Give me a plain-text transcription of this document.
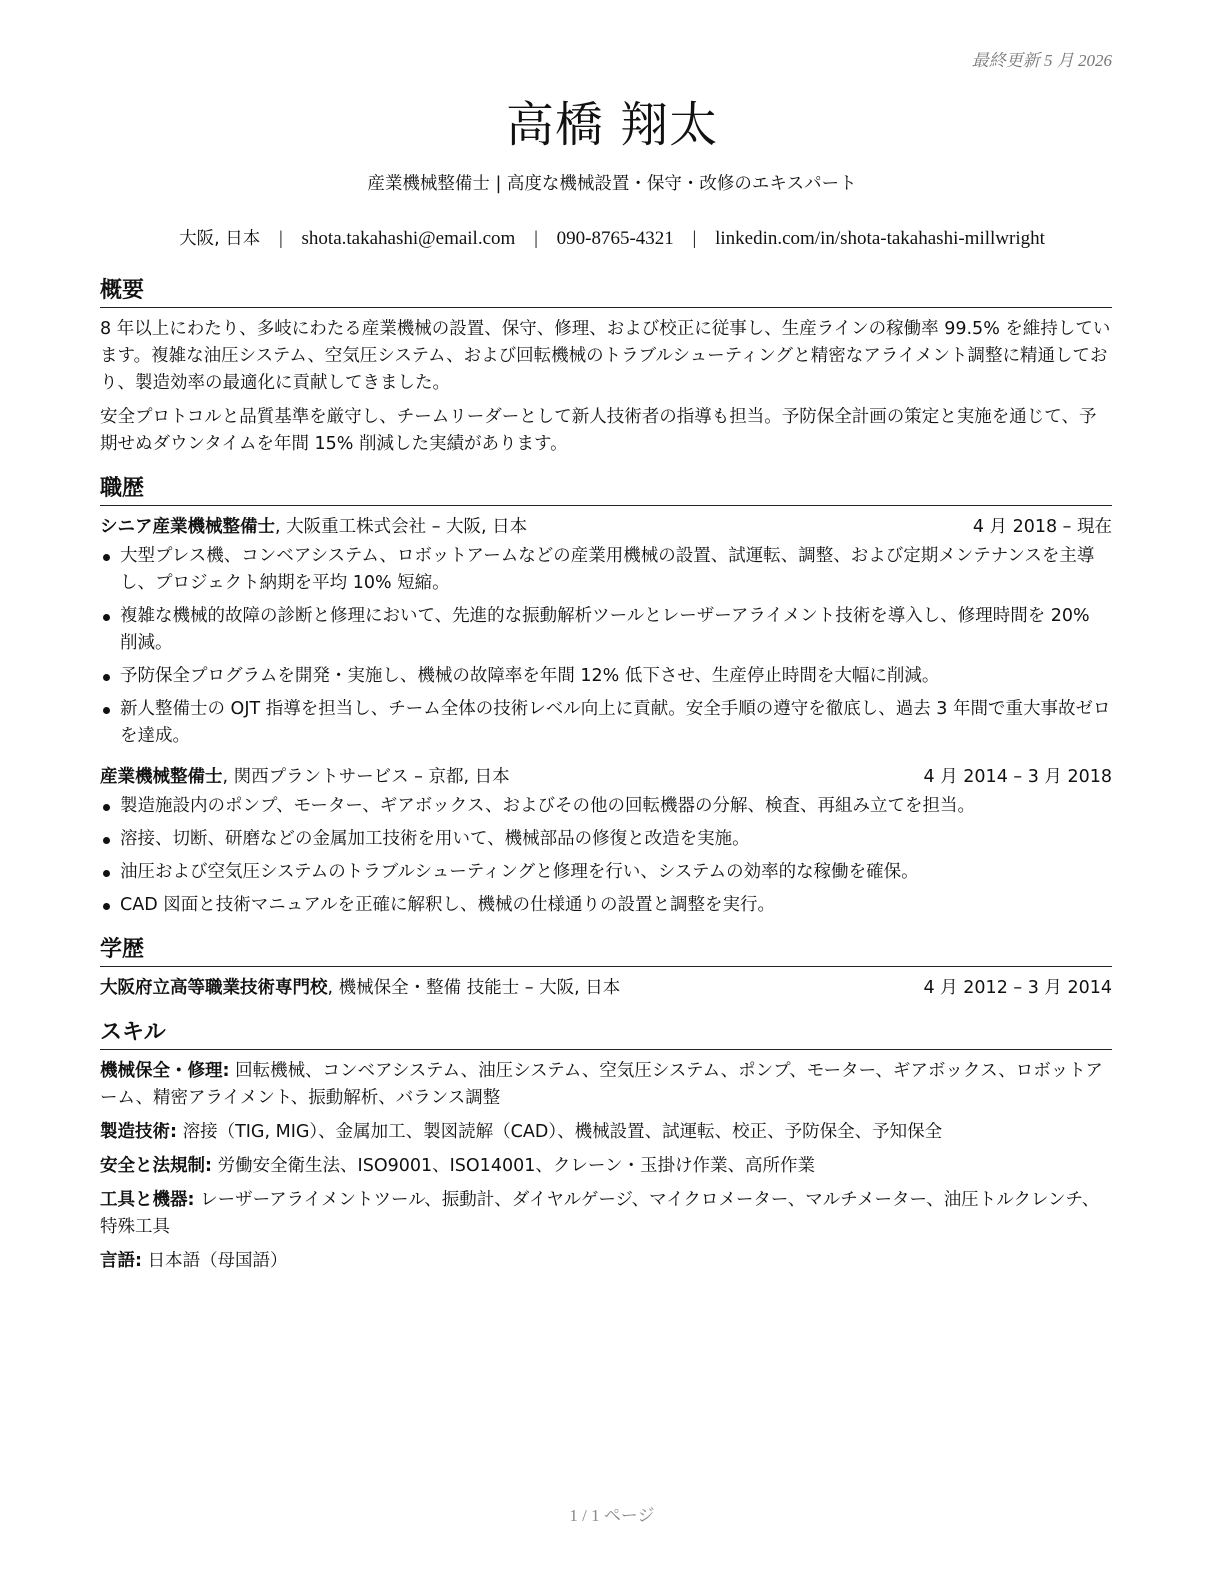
最終更新 5 月 2026
高橋 翔太
産業機械整備士 | 高度な機械設置・保守・改修のエキスパート
大阪, 日本 | shota.takahashi@email.com | 090-8765-4321 | linkedin.com/in/shota-takahashi-millwright
概要

8 年以上にわたり、多岐にわたる産業機械の設置、保守、修理、および校正に従事し、生産ラインの稼働率 99.5% を維持しています。複雑な油圧システム、空気圧システム、および回転機械のトラブルシューティングと精密なアライメント調整に精通しており、製造効率の最適化に貢献してきました。

安全プロトコルと品質基準を厳守し、チームリーダーとして新人技術者の指導も担当。予防保全計画の策定と実施を通じて、予期せぬダウンタイムを年間 15% 削減した実績があります。

職歴
シニア産業機械整備士, 大阪重工株式会社 – 大阪, 日本	4 月 2018 – 現在
大型プレス機、コンベアシステム、ロボットアームなどの産業用機械の設置、試運転、調整、および定期メンテナンスを主導し、プロジェクト納期を平均 10% 短縮。
複雑な機械的故障の診断と修理において、先進的な振動解析ツールとレーザーアライメント技術を導入し、修理時間を 20% 削減。
予防保全プログラムを開発・実施し、機械の故障率を年間 12% 低下させ、生産停止時間を大幅に削減。
新人整備士の OJT 指導を担当し、チーム全体の技術レベル向上に貢献。安全手順の遵守を徹底し、過去 3 年間で重大事故ゼロを達成。
産業機械整備士, 関西プラントサービス – 京都, 日本	4 月 2014 – 3 月 2018
製造施設内のポンプ、モーター、ギアボックス、およびその他の回転機器の分解、検査、再組み立てを担当。
溶接、切断、研磨などの金属加工技術を用いて、機械部品の修復と改造を実施。
油圧および空気圧システムのトラブルシューティングと修理を行い、システムの効率的な稼働を確保。
CAD 図面と技術マニュアルを正確に解釈し、機械の仕様通りの設置と調整を実行。
学歴
大阪府立高等職業技術専門校, 機械保全・整備 技能士 – 大阪, 日本	4 月 2012 – 3 月 2014
スキル
機械保全・修理: 回転機械、コンベアシステム、油圧システム、空気圧システム、ポンプ、モーター、ギアボックス、ロボットアーム、精密アライメント、振動解析、バランス調整
製造技術: 溶接（TIG, MIG）、金属加工、製図読解（CAD）、機械設置、試運転、校正、予防保全、予知保全
安全と法規制: 労働安全衛生法、ISO9001、ISO14001、クレーン・玉掛け作業、高所作業
工具と機器: レーザーアライメントツール、振動計、ダイヤルゲージ、マイクロメーター、マルチメーター、油圧トルクレンチ、特殊工具
言語: 日本語（母国語）
1 / 1 ページ
